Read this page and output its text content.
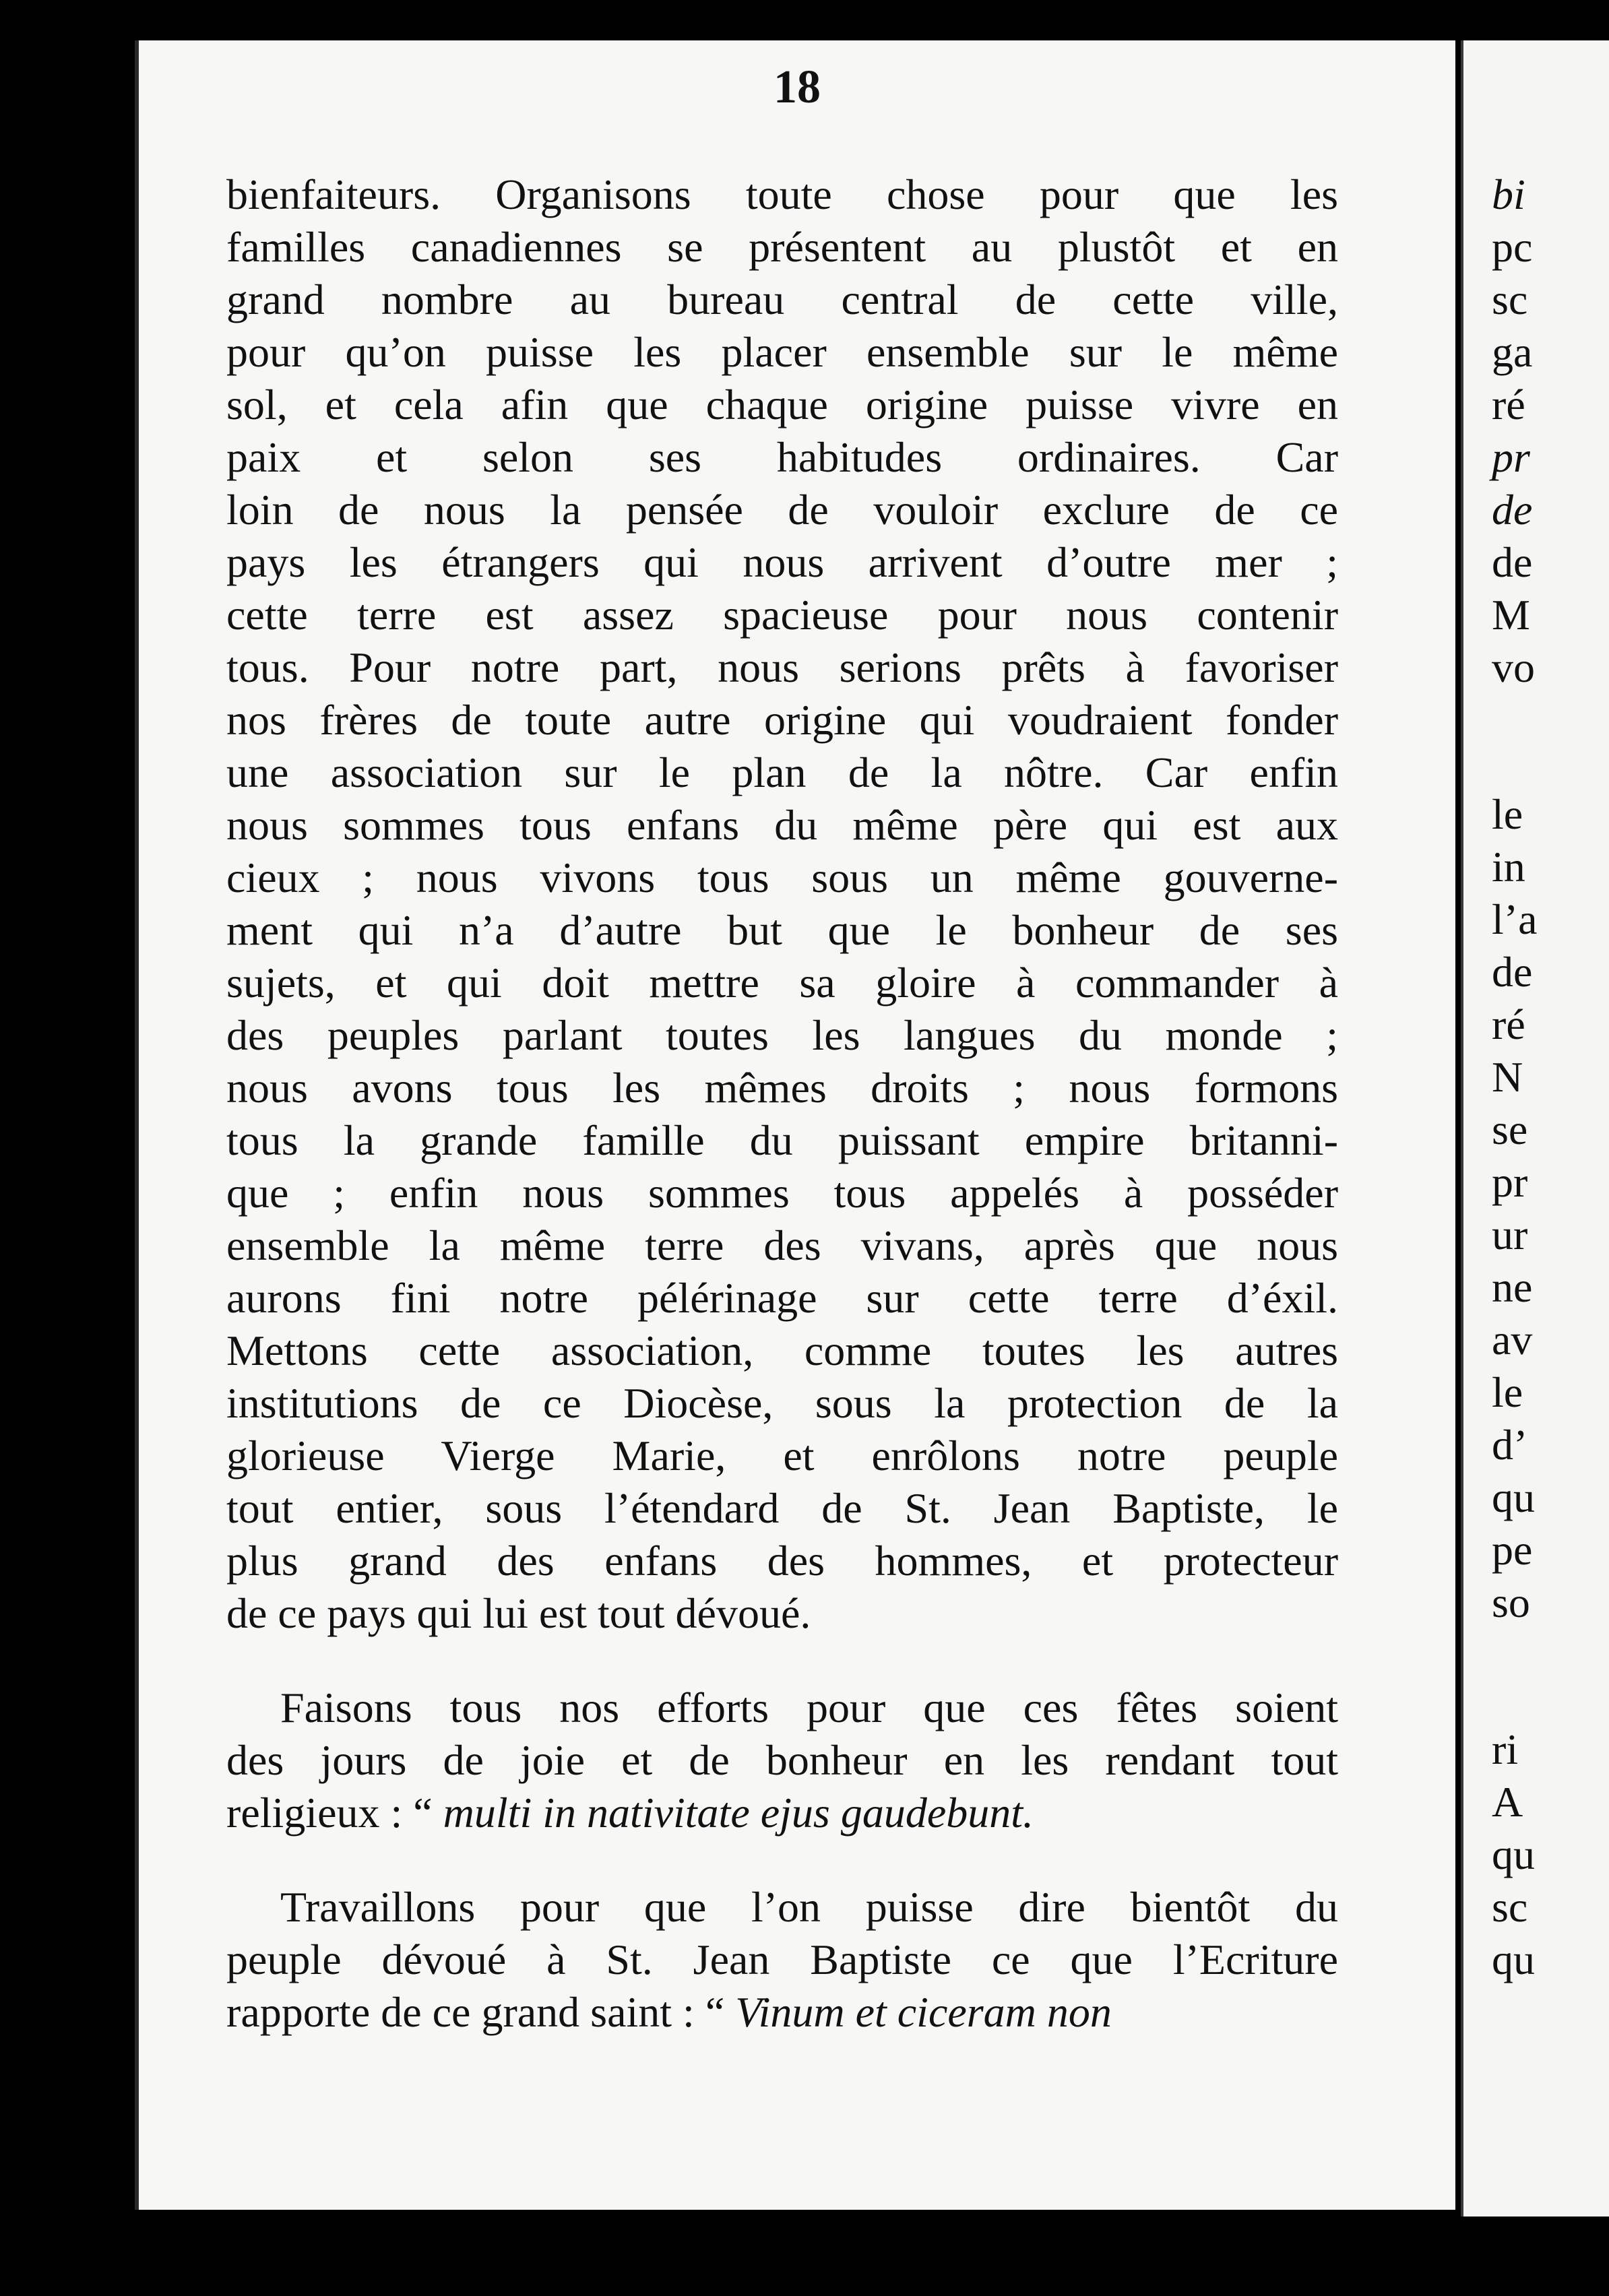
18
bienfaiteurs. Organisons toute chose pour que les
familles canadiennes se présentent au plustôt et en
grand nombre au bureau central de cette ville,
pour qu’on puisse les placer ensemble sur le même
sol, et cela afin que chaque origine puisse vivre en
paix et selon ses habitudes ordinaires. Car
loin de nous la pensée de vouloir exclure de ce
pays les étrangers qui nous arrivent d’outre mer ;
cette terre est assez spacieuse pour nous contenir
tous. Pour notre part, nous serions prêts à favoriser
nos frères de toute autre origine qui voudraient fonder
une association sur le plan de la nôtre. Car enfin
nous sommes tous enfans du même père qui est aux
cieux ; nous vivons tous sous un même gouverne-
ment qui n’a d’autre but que le bonheur de ses
sujets, et qui doit mettre sa gloire à commander à
des peuples parlant toutes les langues du monde ;
nous avons tous les mêmes droits ; nous formons
tous la grande famille du puissant empire britanni-
que ; enfin nous sommes tous appelés à posséder
ensemble la même terre des vivans, après que nous
aurons fini notre pélérinage sur cette terre d’éxil.
Mettons cette association, comme toutes les autres
institutions de ce Diocèse, sous la protection de la
glorieuse Vierge Marie, et enrôlons notre peuple
tout entier, sous l’étendard de St. Jean Baptiste, le
plus grand des enfans des hommes, et protecteur
de ce pays qui lui est tout dévoué.
Faisons tous nos efforts pour que ces fêtes soient
des jours de joie et de bonheur en les rendant tout
religieux : “ multi in nativitate ejus gaudebunt.
Travaillons pour que l’on puisse dire bientôt du
peuple dévoué à St. Jean Baptiste ce que l’Ecriture
rapporte de ce grand saint : “ Vinum et ciceram non
bi
pc
sc
ga
ré
pr
de
de
M
vo
le
in
l’a
de
ré
N
se
pr
ur
ne
av
le
d’
qu
pe
so
ri
A
qu
sc
qu
